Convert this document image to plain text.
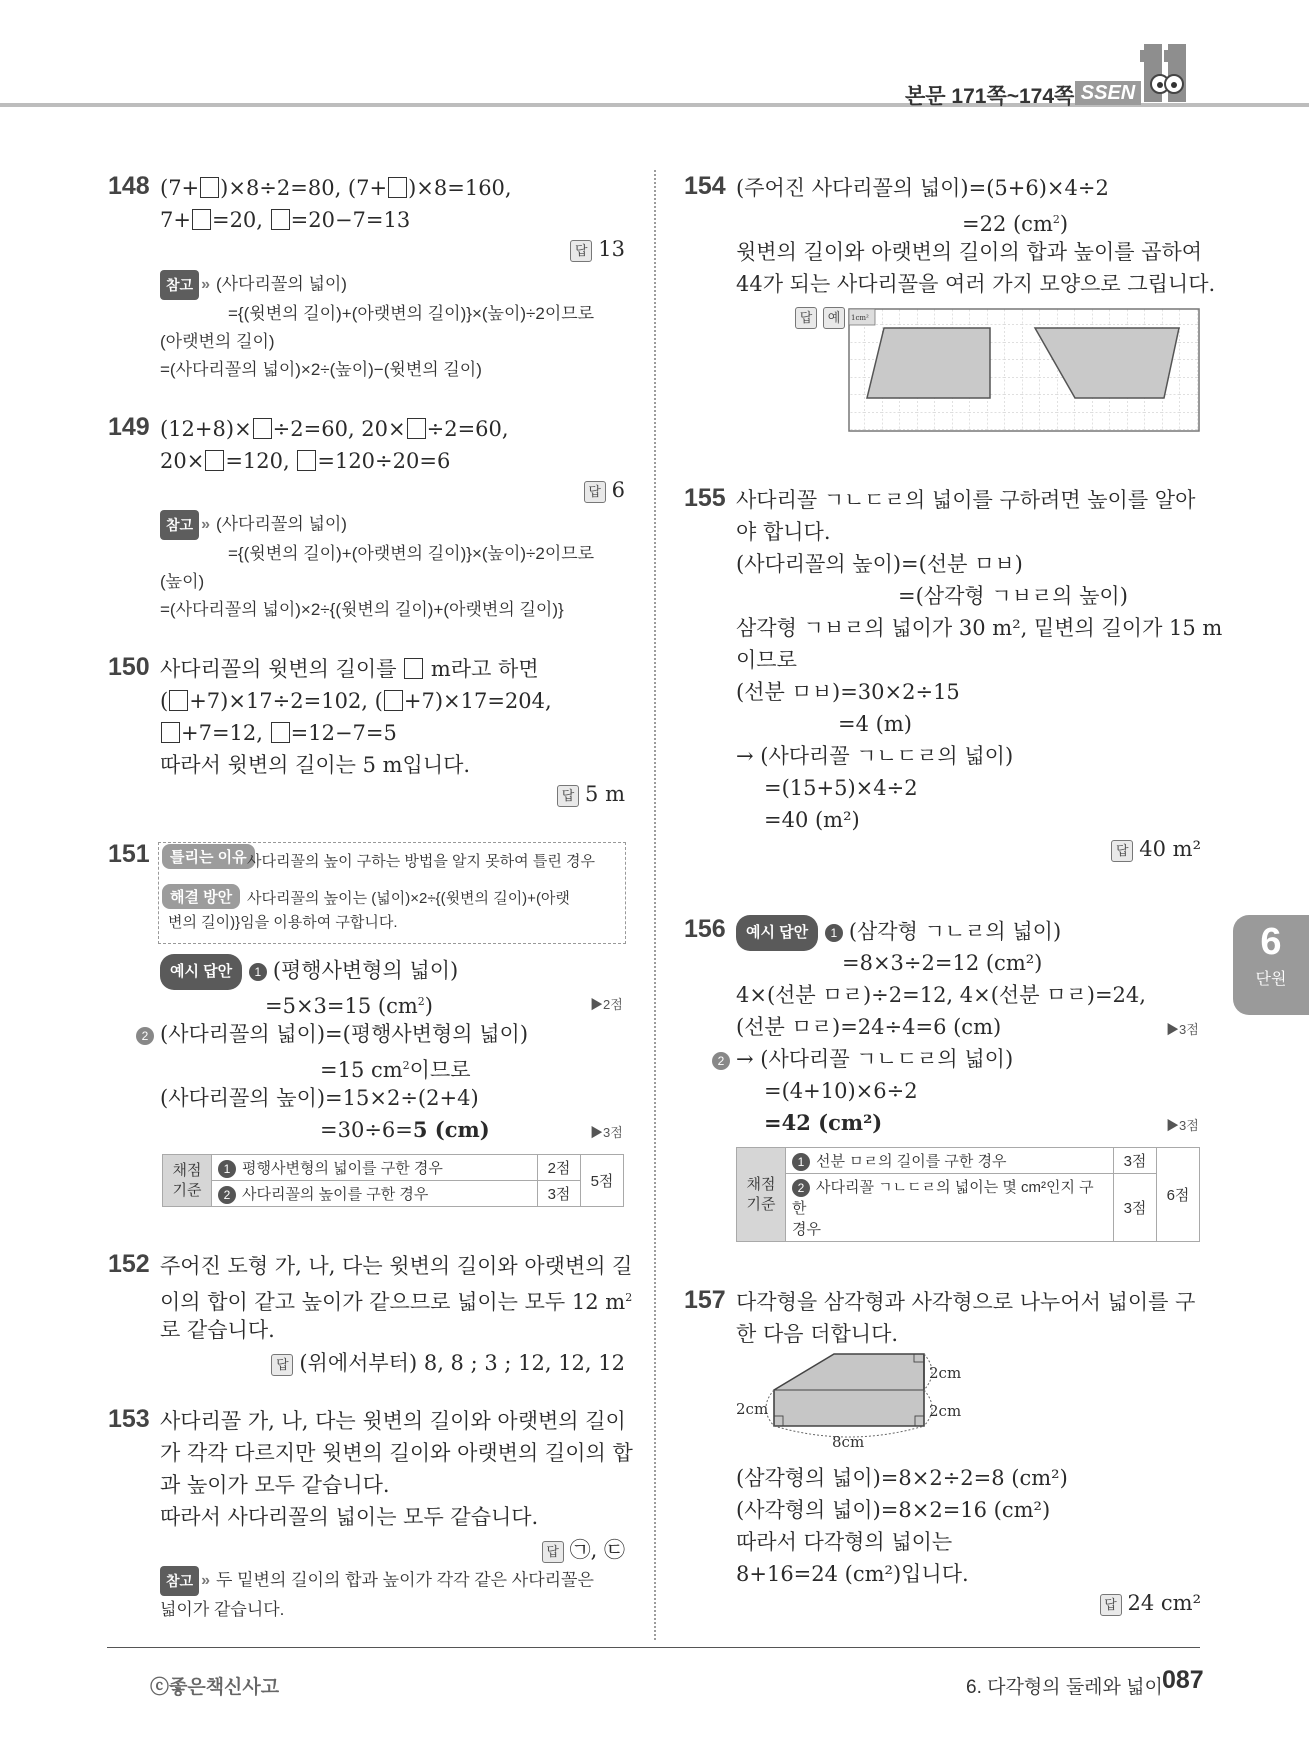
본문 171쪽~174쪽 SSEN
148 (7+ )×8÷2=80, (7+ )×8=160,
7+ =20, =20−7=13
답 13
참고 » (사다리꼴의 넓이)
={(윗변의 길이)+(아랫변의 길이)}×(높이)÷2이므로
(아랫변의 길이)
=(사다리꼴의 넓이)×2÷(높이)−(윗변의 길이)
149 (12+8)× ÷2=60, 20× ÷2=60,
20× =120, =120÷20=6
답 6
참고 » (사다리꼴의 넓이)
={(윗변의 길이)+(아랫변의 길이)}×(높이)÷2이므로
(높이)
=(사다리꼴의 넓이)×2÷{(윗변의 길이)+(아랫변의 길이)}
150 사다리꼴의 윗변의 길이를 m라고 하면
( +7)×17÷2=102, ( +7)×17=204,
+7=12, =12−7=5
따라서 윗변의 길이는 5 m입니다.
답 5 m
151	틀리는 이유 사다리꼴의 높이 구하는 방법을 알지 못하여 틀린 경우
해결 방안 사다리꼴의 높이는 (넓이)×2÷{(윗변의 길이)+(아랫
변의 길이)}임을 이용하여 구합니다.
예시 답안 1 (평행사변형의 넓이)
=5×3=15 $(cm^2)$	▶2점
2 (사다리꼴의 넓이)=(평행사변형의 넓이)
=15 $cm^2$이므로
(사다리꼴의 높이)=15×2÷(2+4)
=30÷6=5 (cm)	▶3점
채점 기준	1 평행사변형의 넓이를 구한 경우	2점	5점
	2 사다리꼴의 높이를 구한 경우	3점	
152 주어진 도형 가, 나, 다는 윗변의 길이와 아랫변의 길
이의 합이 같고 높이가 같으므로 넓이는 모두 12 $m^2$
로 같습니다.
답 (위에서부터) 8, 8 ; 3 ; 12, 12, 12
153 사다리꼴 가, 나, 다는 윗변의 길이와 아랫변의 길이
가 각각 다르지만 윗변의 길이와 아랫변의 길이의 합
과 높이가 모두 같습니다.
따라서 사다리꼴의 넓이는 모두 같습니다.
답 ㉠, ㉢
참고 » 두 밑변의 길이의 합과 높이가 각각 같은 사다리꼴은
넓이가 같습니다.
154 (주어진 사다리꼴의 넓이)=(5+6)×4÷2
=22 $(cm^2)$
윗변의 길이와 아랫변의 길이의 합과 높이를 곱하여
44가 되는 사다리꼴을 여러 가지 모양으로 그립니다.
답 예	1cm²
155 사다리꼴 ㄱㄴㄷㄹ의 넓이를 구하려면 높이를 알아
야 합니다.
(사다리꼴의 높이)=(선분 ㅁㅂ)
=(삼각형 ㄱㅂㄹ의 높이)
삼각형 ㄱㅂㄹ의 넓이가 30 m², 밑변의 길이가 15 m
이므로
(선분 ㅁㅂ)=30×2÷15
=4 (m)
→ (사다리꼴 ㄱㄴㄷㄹ의 넓이)
=(15+5)×4÷2
=40 (m²)
답 40 m²
156	예시 답안 1 (삼각형 ㄱㄴㄹ의 넓이)
=8×3÷2=12 (cm²)
4×(선분 ㅁㄹ)÷2=12, 4×(선분 ㅁㄹ)=24,
(선분 ㅁㄹ)=24÷4=6 (cm)	▶3점
2 → (사다리꼴 ㄱㄴㄷㄹ의 넓이)
=(4+10)×6÷2
=42 (cm²)	▶3점
채점 기준	1 선분 ㅁㄹ의 길이를 구한 경우	3점	6점
	2 사다리꼴 ㄱㄴㄷㄹ의 넓이는 몇 cm²인지 구한
경우	3점	
157 다각형을 삼각형과 사각형으로 나누어서 넓이를 구
한 다음 더합니다.
2cm
2cm
2cm
8cm
(삼각형의 넓이)=8×2÷2=8 (cm²)
(사각형의 넓이)=8×2=16 (cm²)
따라서 다각형의 넓이는
8+16=24 (cm²)입니다.
답 24 cm²
6
단원
ⓒ좋은책신사고	6. 다각형의 둘레와 넓이 087
